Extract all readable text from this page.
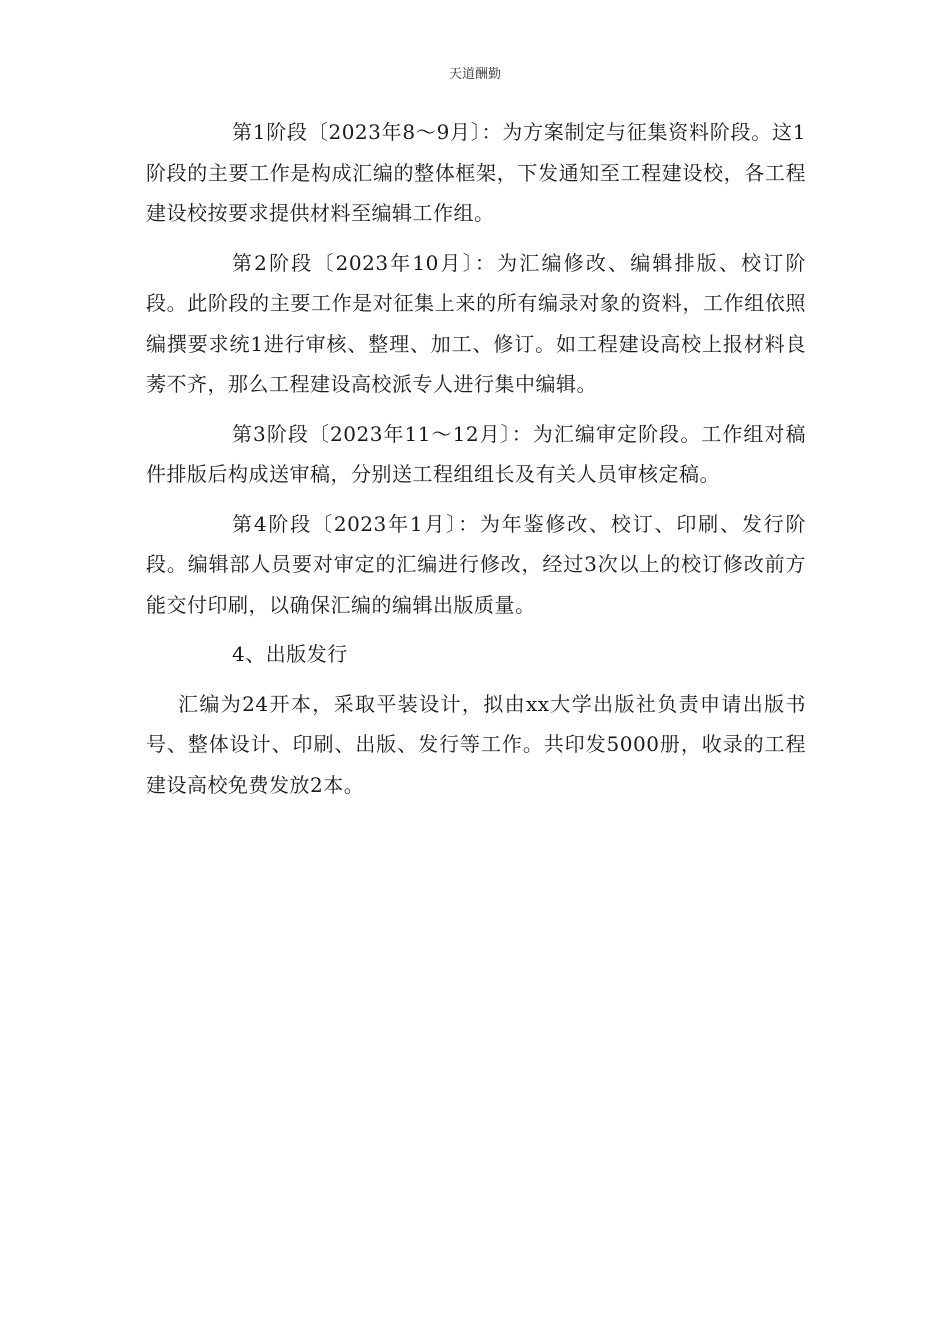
天道酬勤

第1阶段〔2023年8～9月〕：为方案制定与征集资料阶段。这1阶段的主要工作是构成汇编的整体框架，下发通知至工程建设校，各工程建设校按要求提供材料至编辑工作组。

第2阶段〔2023年10月〕：为汇编修改、编辑排版、校订阶段。此阶段的主要工作是对征集上来的所有编录对象的资料，工作组依照编撰要求统1进行审核、整理、加工、修订。如工程建设高校上报材料良莠不齐，那么工程建设高校派专人进行集中编辑。

第3阶段〔2023年11～12月〕：为汇编审定阶段。工作组对稿件排版后构成送审稿，分别送工程组组长及有关人员审核定稿。

第4阶段〔2023年1月〕：为年鉴修改、校订、印刷、发行阶段。编辑部人员要对审定的汇编进行修改，经过3次以上的校订修改前方能交付印刷，以确保汇编的编辑出版质量。

4、出版发行

汇编为24开本，采取平装设计，拟由xx大学出版社负责申请出版书号、整体设计、印刷、出版、发行等工作。共印发5000册，收录的工程建设高校免费发放2本。
